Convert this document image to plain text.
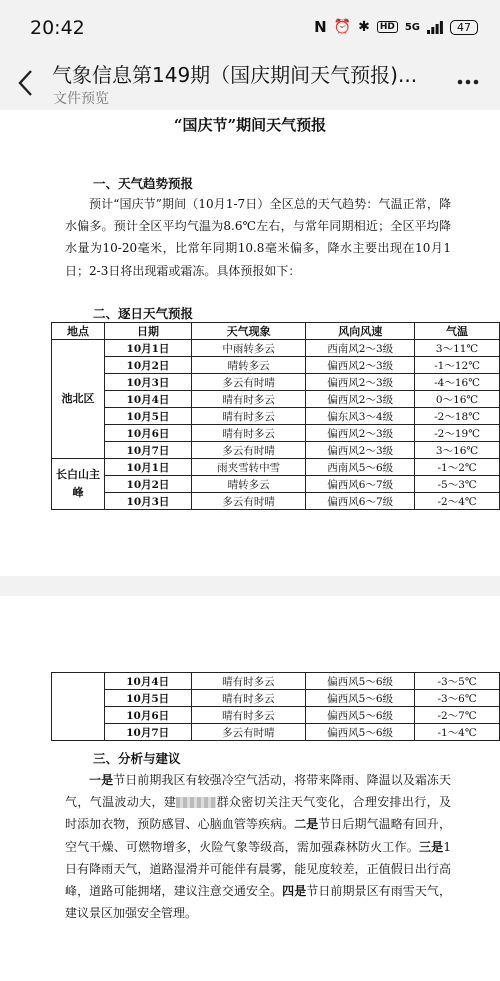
20:42	N ⏰ ✱	HD	5G	47
气象信息第149期（国庆期间天气预报)...
文件预览
“国庆节”期间天气预报
一、天气趋势预报
预计“国庆节”期间（10月1-7日）全区总的天气趋势：气温正常，降水偏多。预计全区平均气温为8.6℃左右，与常年同期相近；全区平均降水量为10-20毫米，比常年同期10.8毫米偏多，降水主要出现在10月1日；2-3日将出现霜或霜冻。具体预报如下：
二、逐日天气预报
地点	日期	天气现象	风向风速	气温
池北区	10月1日	中雨转多云	西南风2～3级	3～11℃
	10月2日	晴转多云	偏西风2～3级	-1～12℃
	10月3日	多云有时晴	偏西风2～3级	-4～16℃
	10月4日	晴有时多云	偏西风2～3级	0～16℃
	10月5日	晴有时多云	偏东风3～4级	-2～18℃
	10月6日	晴有时多云	偏西风2～3级	-2～19℃
	10月7日	多云有时晴	偏西风2～3级	3～16℃
长白山主峰	10月1日	雨夹雪转中雪	西南风5～6级	-1～2℃
	10月2日	晴转多云	偏西风6～7级	-5～3℃
	10月3日	多云有时晴	偏西风6～7级	-2～4℃
	10月4日	晴有时多云	偏西风5～6级	-3～5℃
	10月5日	晴有时多云	偏西风5～6级	-3～6℃
	10月6日	晴有时多云	偏西风5～6级	-2～7℃
	10月7日	多云有时晴	偏西风5～6级	-1～4℃
三、分析与建议
一是节日前期我区有较强冷空气活动，将带来降雨、降温以及霜冻天气，气温波动大，建	群众密切关注天气变化，合理安排出行，及时添加衣物，预防感冒、心脑血管等疾病。二是节日后期气温略有回升，空气干燥、可燃物增多，火险气象等级高，需加强森林防火工作。三是1日有降雨天气，道路湿滑并可能伴有晨雾，能见度较差，正值假日出行高峰，道路可能拥堵，建议注意交通安全。四是节日前期景区有雨雪天气，建议景区加强安全管理。
